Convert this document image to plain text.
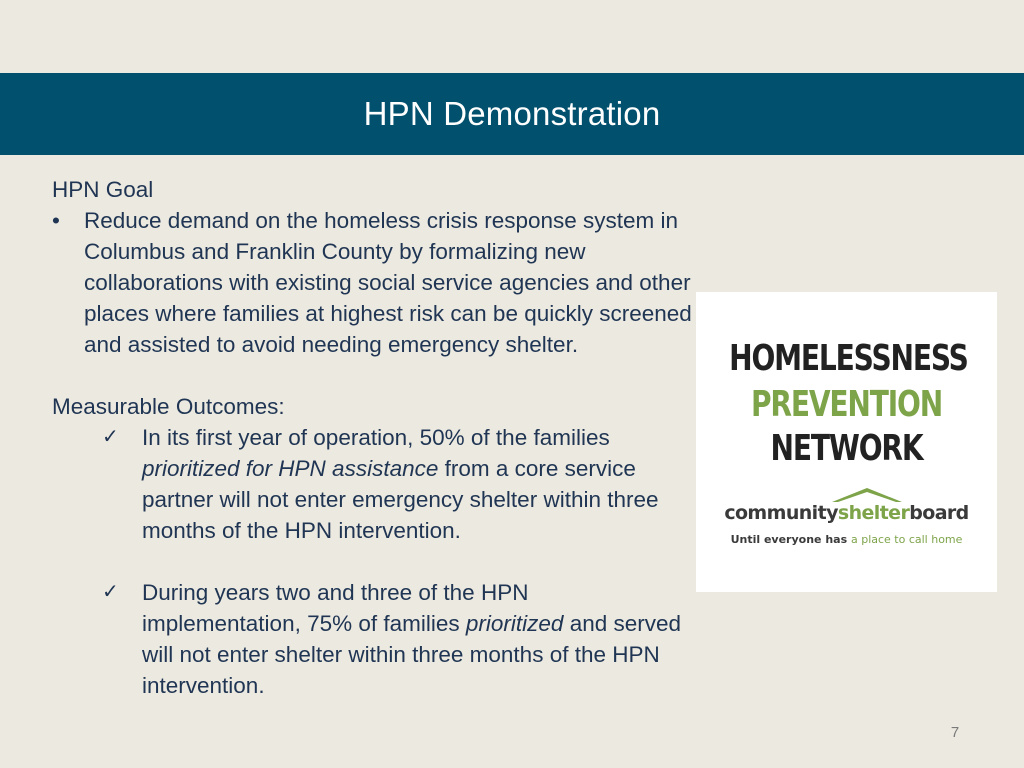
HPN Demonstration

HPN Goal

• Reduce demand on the homeless crisis response system in Columbus and Franklin County by formalizing new collaborations with existing social service agencies and other places where families at highest risk can be quickly screened and assisted to avoid needing emergency shelter.

Measurable Outcomes:

✓ In its first year of operation, 50% of the families prioritized for HPN assistance from a core service partner will not enter emergency shelter within three months of the HPN intervention.
✓ During years two and three of the HPN implementation, 75% of families prioritized and served will not enter shelter within three months of the HPN intervention.
HOMELESSNESS
PREVENTION
NETWORK
communityshelterboard
Until everyone has a place to call home
7
